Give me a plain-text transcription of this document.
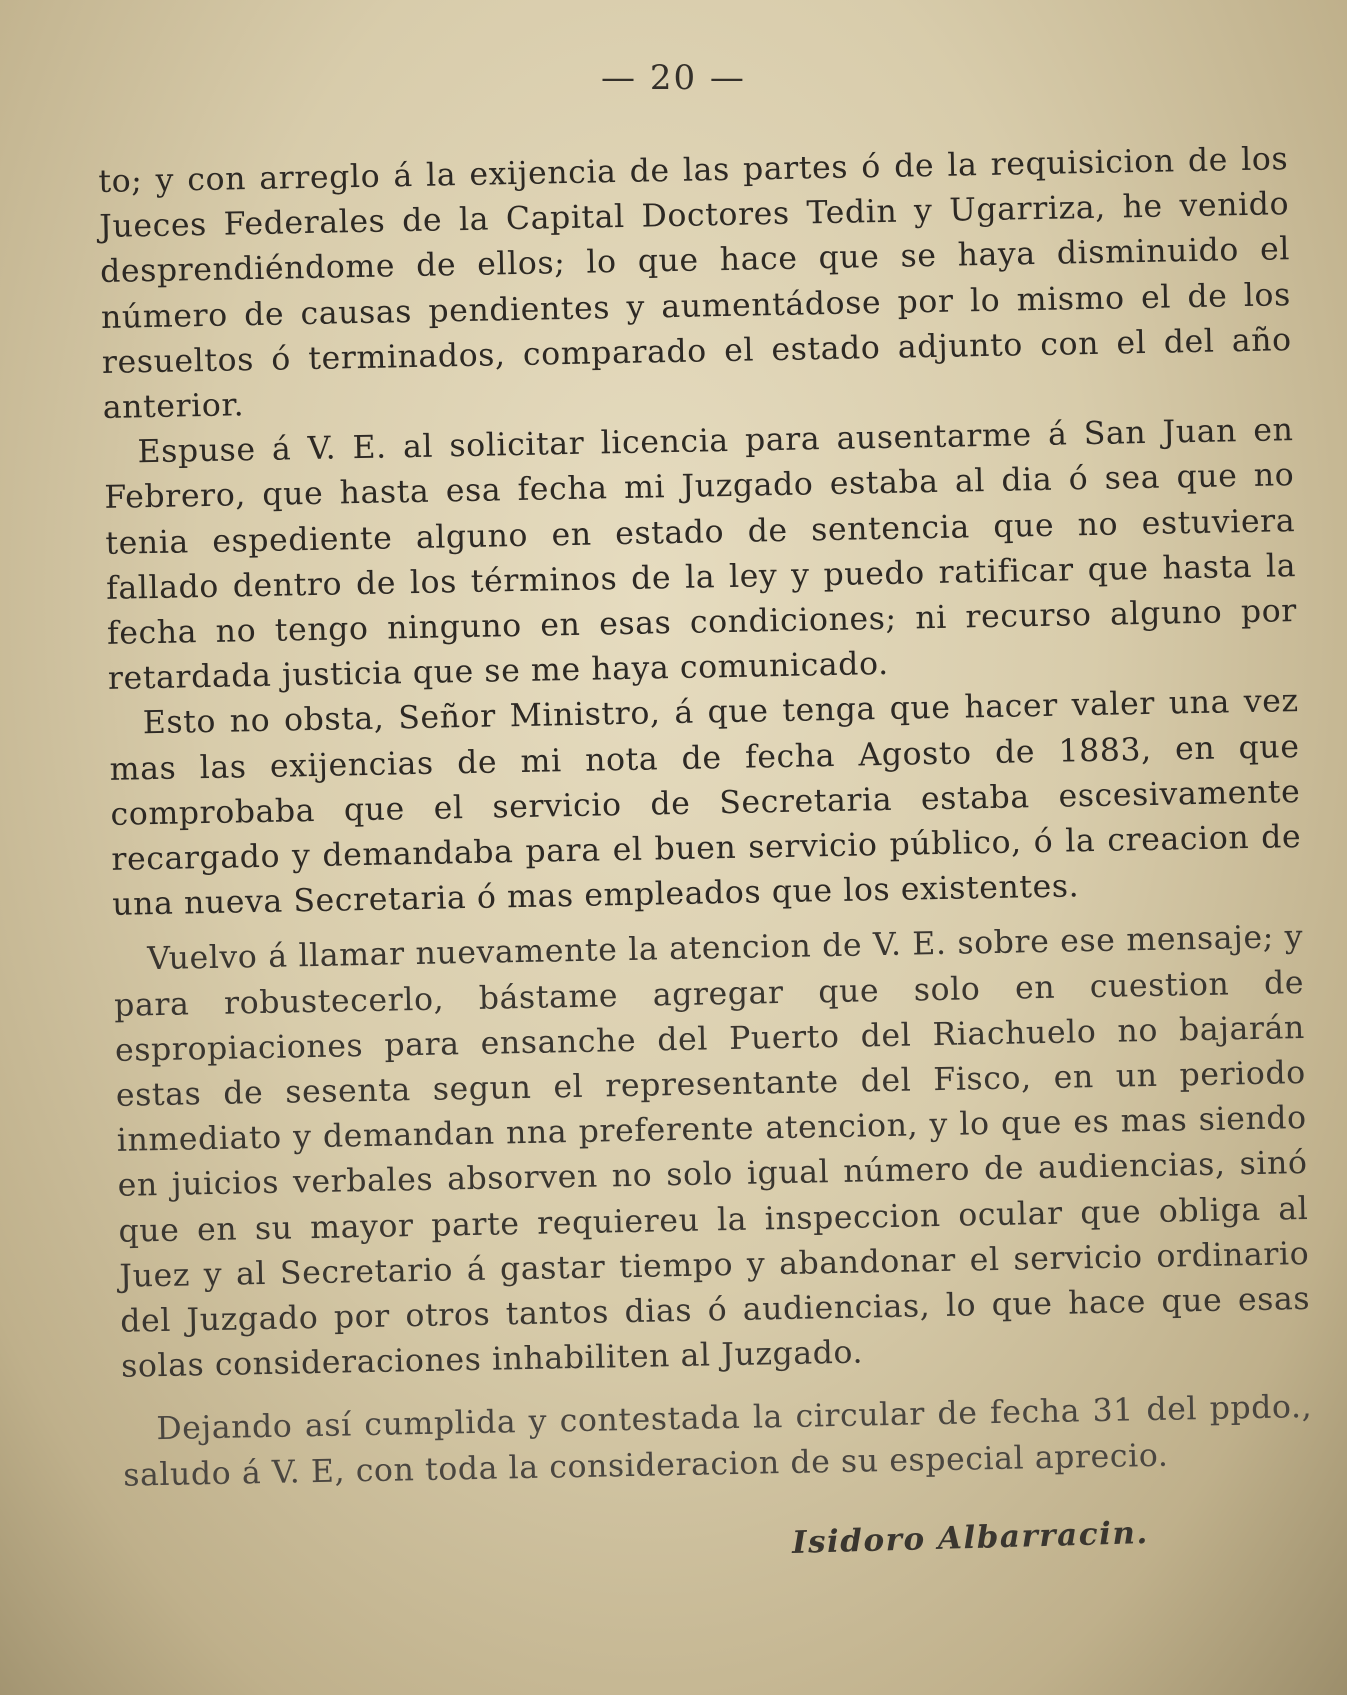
— 20 —

to; y con arreglo á la exijencia de las partes ó de la requisicion de los Jueces Federales de la Capital Doctores Tedin y Ugarriza, he venido desprendiéndome de ellos; lo que hace que se haya disminuido el número de causas pendientes y aumentádose por lo mismo el de los resueltos ó terminados, comparado el estado adjunto con el del año anterior.

Espuse á V. E. al solicitar licencia para ausentarme á San Juan en Febrero, que hasta esa fecha mi Juzgado estaba al dia ó sea que no tenia espediente alguno en estado de sentencia que no estuviera fallado dentro de los términos de la ley y puedo ratificar que hasta la fecha no tengo ninguno en esas condiciones; ni recurso alguno por retardada justicia que se me haya comunicado.

Esto no obsta, Señor Ministro, á que tenga que hacer valer una vez mas las exijencias de mi nota de fecha Agosto de 1883, en que comprobaba que el servicio de Secretaria estaba escesivamente recargado y demandaba para el buen servicio público, ó la creacion de una nueva Secretaria ó mas empleados que los existentes.

Vuelvo á llamar nuevamente la atencion de V. E. sobre ese mensaje; y para robustecerlo, bástame agregar que solo en cuestion de espropiaciones para ensanche del Puerto del Riachuelo no bajarán estas de sesenta segun el representante del Fisco, en un periodo inmediato y demandan nna preferente atencion, y lo que es mas siendo en juicios verbales absorven no solo igual número de audiencias, sinó que en su mayor parte requiereu la inspeccion ocular que obliga al Juez y al Secretario á gastar tiempo y abandonar el servicio ordinario del Juzgado por otros tantos dias ó audiencias, lo que hace que esas solas consideraciones inhabiliten al Juzgado.

Dejando así cumplida y contestada la circular de fecha 31 del ppdo., saludo á V. E, con toda la consideracion de su especial aprecio.

Isidoro Albarracin.
